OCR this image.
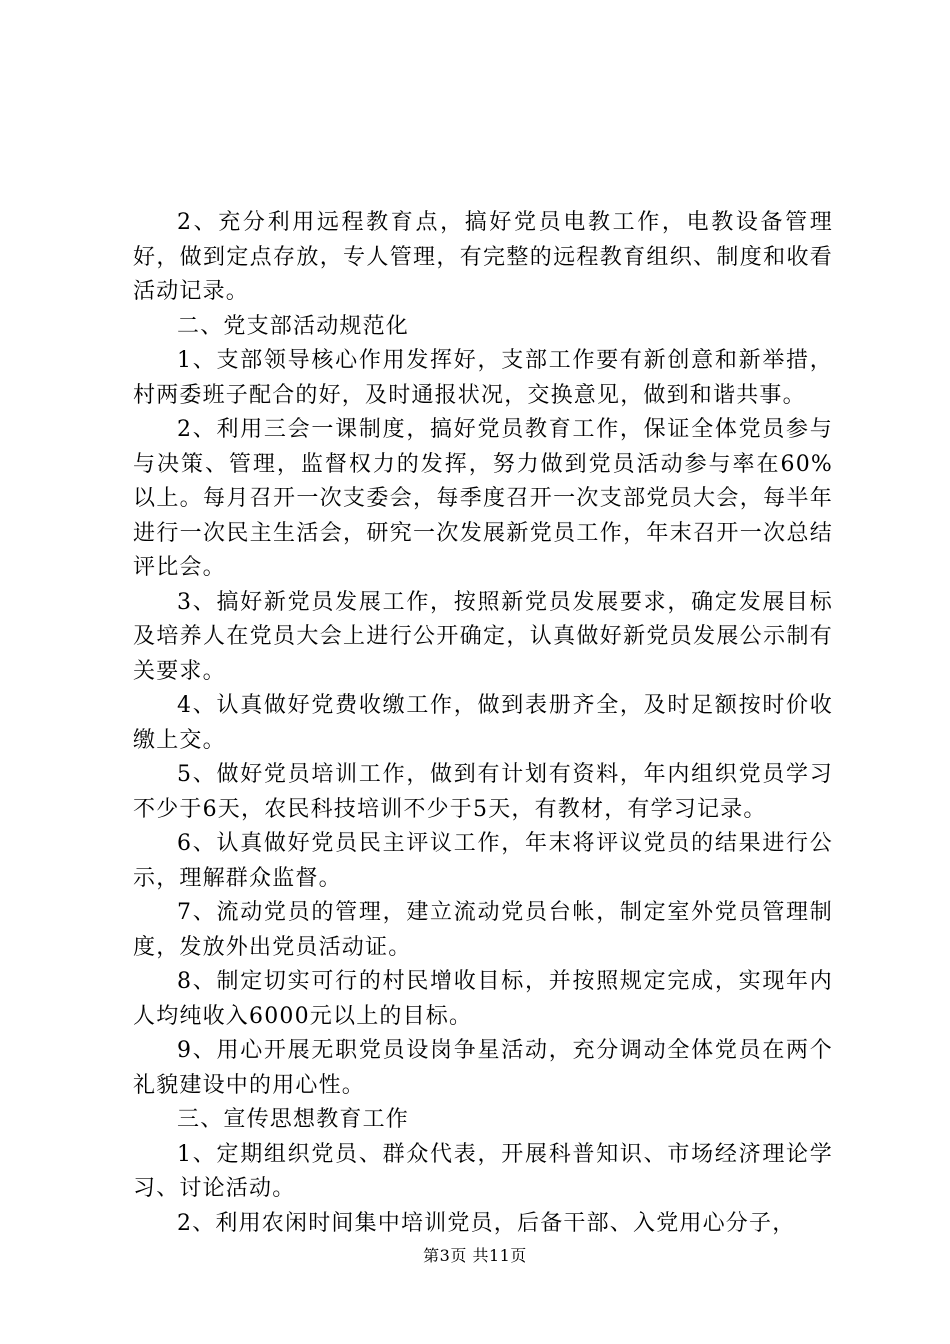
2、充分利用远程教育点，搞好党员电教工作，电教设备管理好，做到定点存放，专人管理，有完整的远程教育组织、制度和收看活动记录。

二、党支部活动规范化

1、支部领导核心作用发挥好，支部工作要有新创意和新举措，村两委班子配合的好，及时通报状况，交换意见，做到和谐共事。

2、利用三会一课制度，搞好党员教育工作，保证全体党员参与与决策、管理，监督权力的发挥，努力做到党员活动参与率在60%以上。每月召开一次支委会，每季度召开一次支部党员大会，每半年进行一次民主生活会，研究一次发展新党员工作，年末召开一次总结评比会。

3、搞好新党员发展工作，按照新党员发展要求，确定发展目标及培养人在党员大会上进行公开确定，认真做好新党员发展公示制有关要求。

4、认真做好党费收缴工作，做到表册齐全，及时足额按时价收缴上交。

5、做好党员培训工作，做到有计划有资料，年内组织党员学习不少于6天，农民科技培训不少于5天，有教材，有学习记录。

6、认真做好党员民主评议工作，年末将评议党员的结果进行公示，理解群众监督。

7、流动党员的管理，建立流动党员台帐，制定室外党员管理制度，发放外出党员活动证。

8、制定切实可行的村民增收目标，并按照规定完成，实现年内人均纯收入6000元以上的目标。

9、用心开展无职党员设岗争星活动，充分调动全体党员在两个礼貌建设中的用心性。

三、宣传思想教育工作

1、定期组织党员、群众代表，开展科普知识、市场经济理论学习、讨论活动。

2、利用农闲时间集中培训党员，后备干部、入党用心分子，

第3页 共11页
